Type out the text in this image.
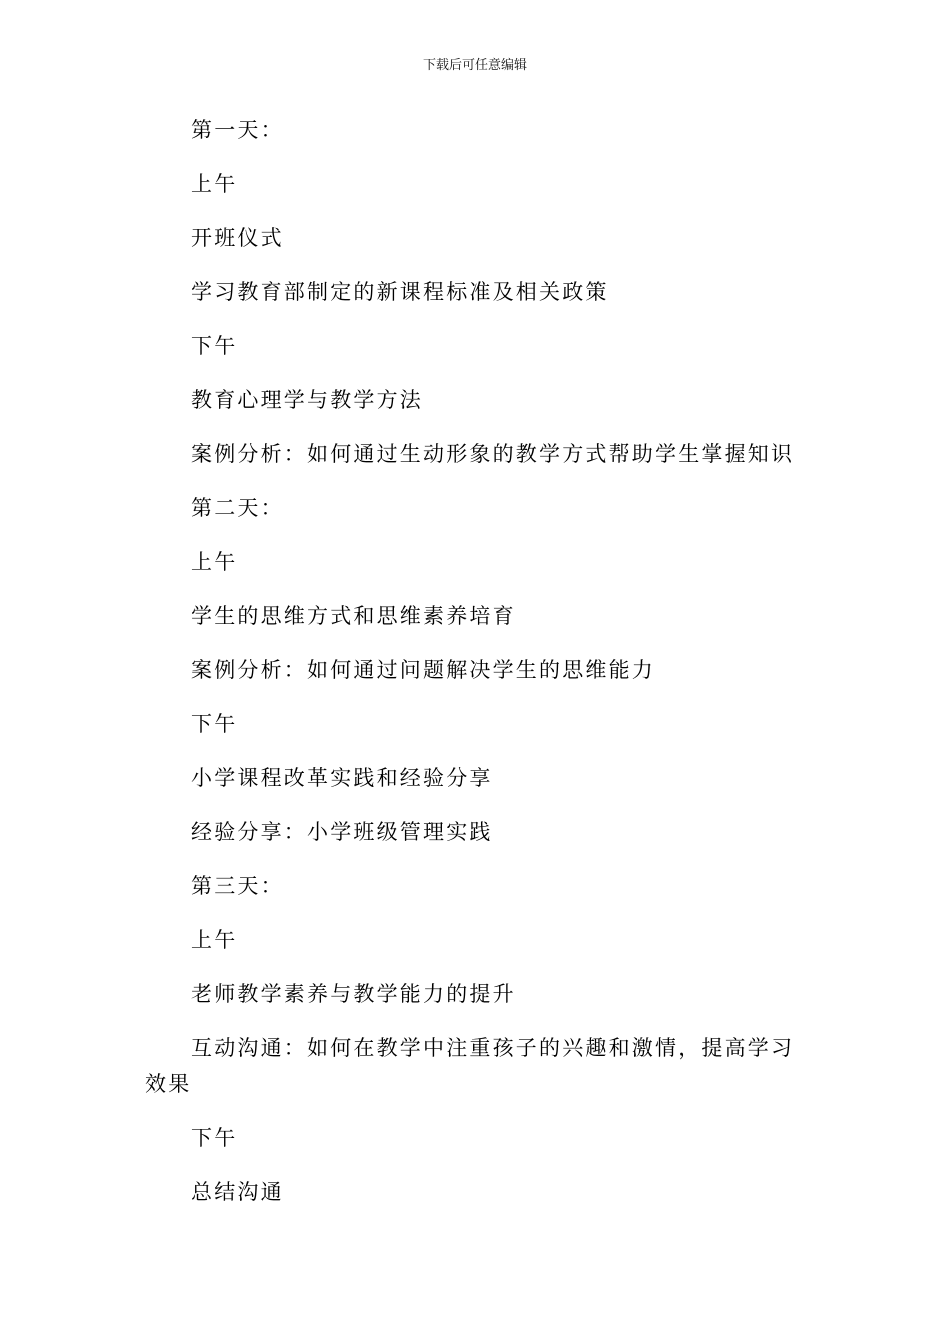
下载后可任意编辑

第一天：

上午

开班仪式

学习教育部制定的新课程标准及相关政策

下午

教育心理学与教学方法

案例分析：如何通过生动形象的教学方式帮助学生掌握知识

第二天：

上午

学生的思维方式和思维素养培育

案例分析：如何通过问题解决学生的思维能力

下午

小学课程改革实践和经验分享

经验分享：小学班级管理实践

第三天：

上午

老师教学素养与教学能力的提升

互动沟通：如何在教学中注重孩子的兴趣和激情，提高学习效果

下午

总结沟通
